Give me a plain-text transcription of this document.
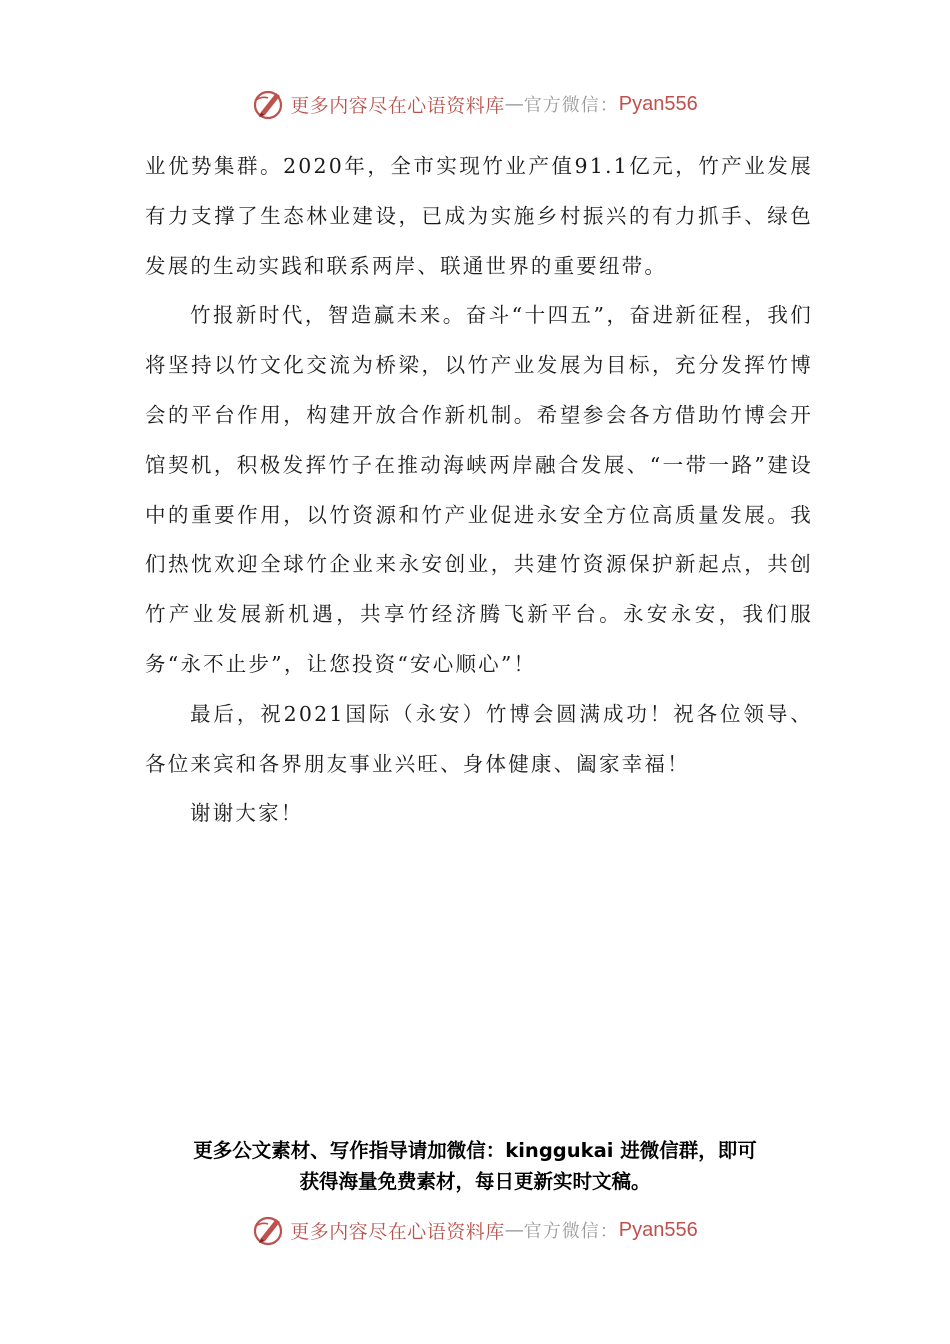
更多内容尽在心语资料库 — 官方微信： Pyan556

业优势集群。2020年，全市实现竹业产值91.1亿元，竹产业发展有力支撑了生态林业建设，已成为实施乡村振兴的有力抓手、绿色发展的生动实践和联系两岸、联通世界的重要纽带。

竹报新时代，智造赢未来。奋斗“十四五”，奋进新征程，我们将坚持以竹文化交流为桥梁，以竹产业发展为目标，充分发挥竹博会的平台作用，构建开放合作新机制。希望参会各方借助竹博会开馆契机，积极发挥竹子在推动海峡两岸融合发展、“一带一路”建设中的重要作用，以竹资源和竹产业促进永安全方位高质量发展。我们热忱欢迎全球竹企业来永安创业，共建竹资源保护新起点，共创竹产业发展新机遇，共享竹经济腾飞新平台。永安永安，我们服务“永不止步”，让您投资“安心顺心”！

最后，祝2021国际（永安）竹博会圆满成功！祝各位领导、各位来宾和各界朋友事业兴旺、身体健康、阖家幸福！

谢谢大家！

更多公文素材、写作指导请加微信：kinggukai 进微信群，即可
获得海量免费素材，每日更新实时文稿。
更多内容尽在心语资料库 — 官方微信： Pyan556
